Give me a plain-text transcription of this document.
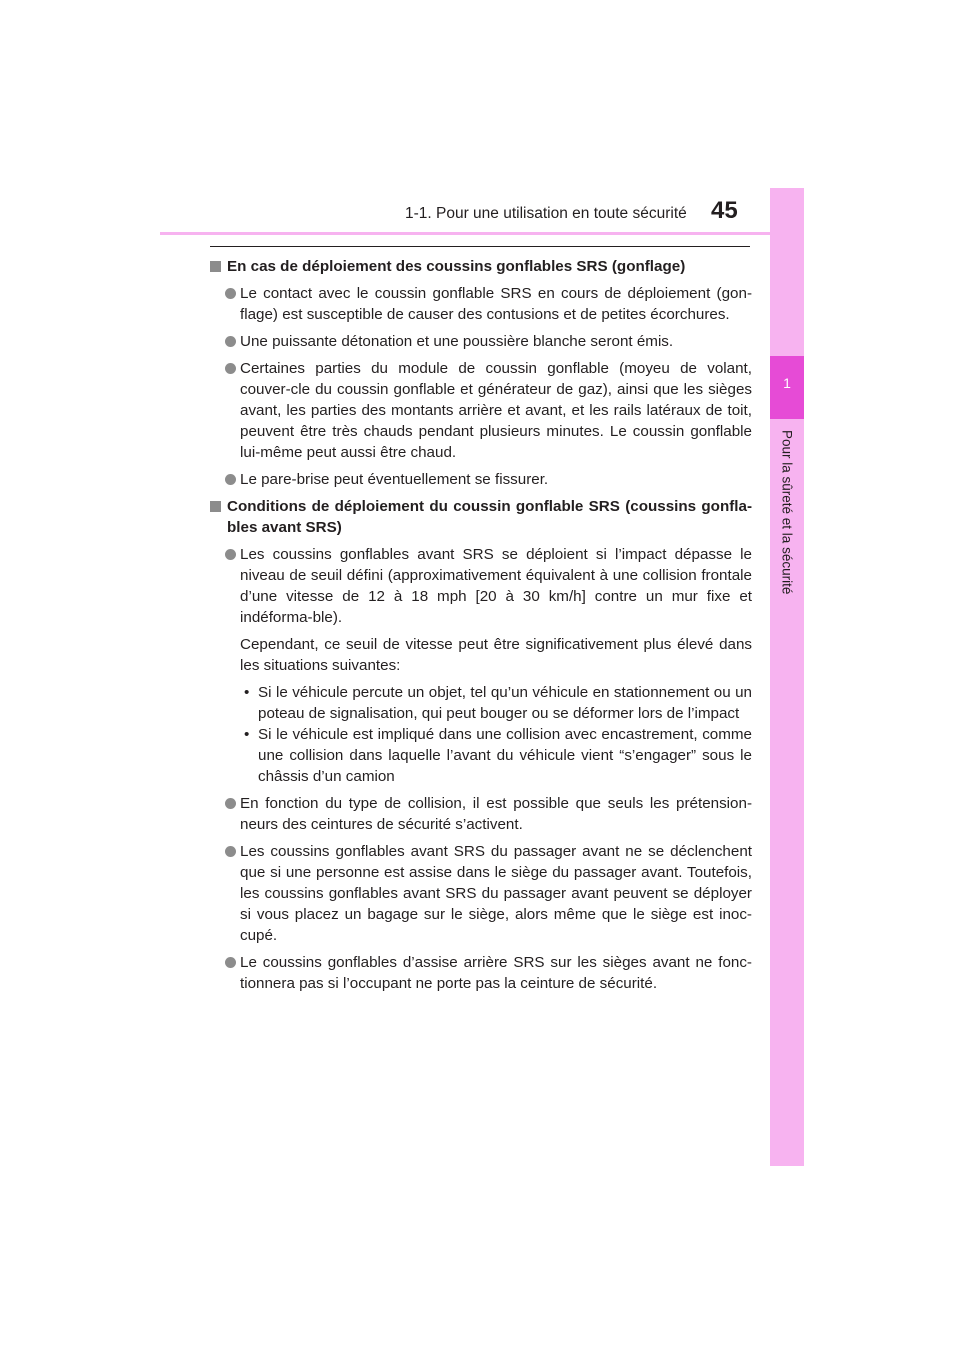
1-1. Pour une utilisation en toute sécurité 45
1
Pour la sûreté et la sécurité
En cas de déploiement des coussins gonflables SRS (gonflage)
Le contact avec le coussin gonflable SRS en cours de déploiement (gon-flage) est susceptible de causer des contusions et de petites écorchures.
Une puissante détonation et une poussière blanche seront émis.
Certaines parties du module de coussin gonflable (moyeu de volant, couver-cle du coussin gonflable et générateur de gaz), ainsi que les sièges avant, les parties des montants arrière et avant, et les rails latéraux de toit, peuvent être très chauds pendant plusieurs minutes. Le coussin gonflable lui-même peut aussi être chaud.
Le pare-brise peut éventuellement se fissurer.
Conditions de déploiement du coussin gonflable SRS (coussins gonfla-bles avant SRS)
Les coussins gonflables avant SRS se déploient si l’impact dépasse le niveau de seuil défini (approximativement équivalent à une collision frontale d’une vitesse de 12 à 18 mph [20 à 30 km/h] contre un mur fixe et indéforma-ble).
Cependant, ce seuil de vitesse peut être significativement plus élevé dans les situations suivantes:
• Si le véhicule percute un objet, tel qu’un véhicule en stationnement ou un poteau de signalisation, qui peut bouger ou se déformer lors de l’impact
• Si le véhicule est impliqué dans une collision avec encastrement, comme une collision dans laquelle l’avant du véhicule vient “s’engager” sous le châssis d’un camion
En fonction du type de collision, il est possible que seuls les prétension-neurs des ceintures de sécurité s’activent.
Les coussins gonflables avant SRS du passager avant ne se déclenchent que si une personne est assise dans le siège du passager avant. Toutefois, les coussins gonflables avant SRS du passager avant peuvent se déployer si vous placez un bagage sur le siège, alors même que le siège est inoc-cupé.
Le coussins gonflables d’assise arrière SRS sur les sièges avant ne fonc-tionnera pas si l’occupant ne porte pas la ceinture de sécurité.
